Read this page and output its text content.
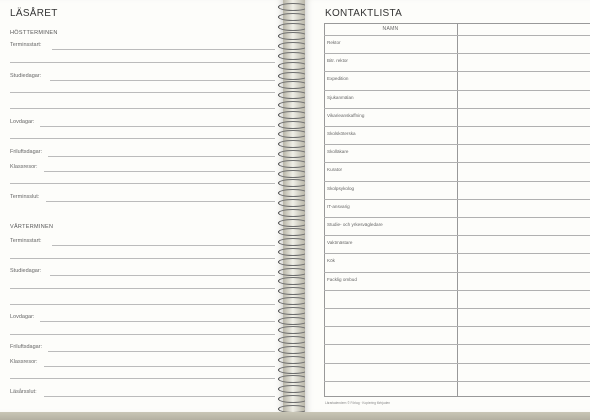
LÄSÅRET
HÖSTTERMINEN
Terminsstart:
Studiedagar:
Lovdagar:
Friluftsdagar:
Klassresor:
Terminsslut:
VÅRTERMINEN
Terminsstart:
Studiedagar:
Lovdagar:
Friluftsdagar:
Klassresor:
Läsårsslut:
KONTAKTLISTA
NAMN
Rektor
Bitr. rektor
Expedition
Sjukanmälan
Vikarieanskaffning
Skolsköterska
Skolläkare
Kurator
Skolpsykolog
IT-ansvarig
Studie- och yrkesvägledare
Vaktmästare
Kök
Facklig ombud
Lärarkalendern © Förlag · Kopiering förbjuden
